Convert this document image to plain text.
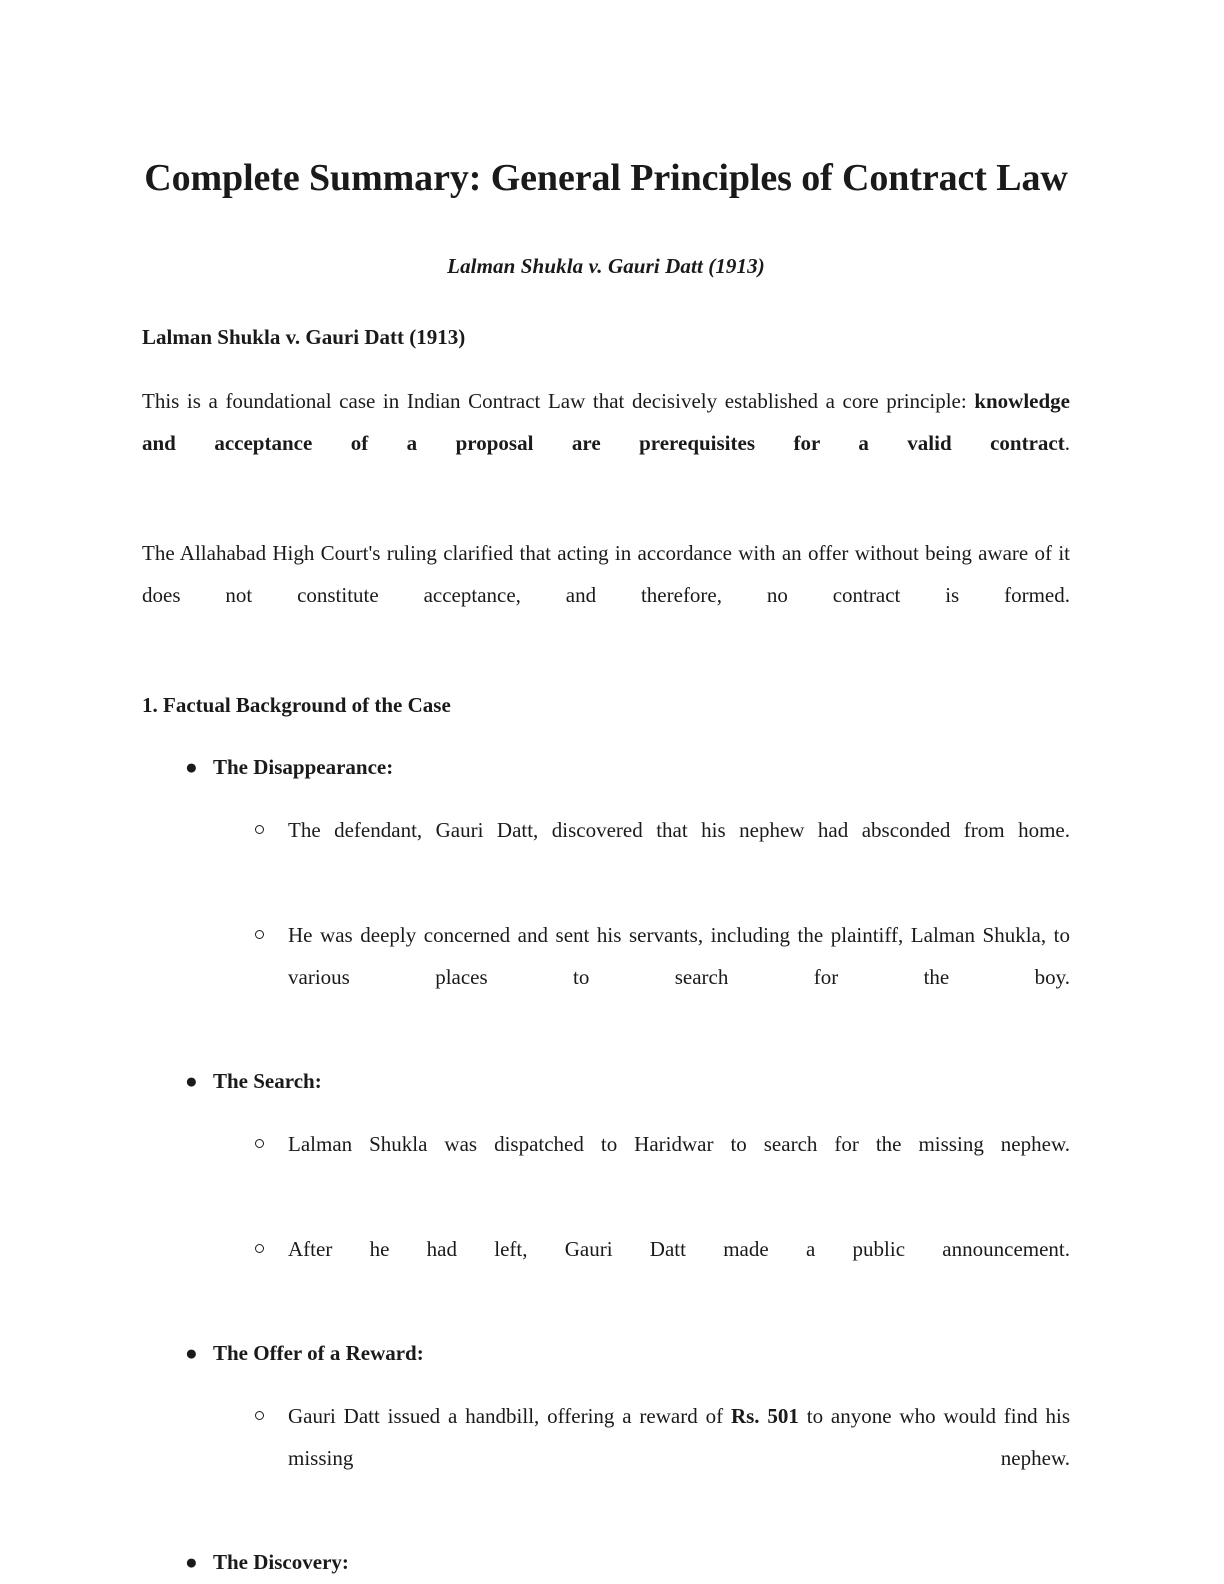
Complete Summary: General Principles of Contract Law

Lalman Shukla v. Gauri Datt (1913)

Lalman Shukla v. Gauri Datt (1913)

This is a foundational case in Indian Contract Law that decisively established a core principle: knowledge and acceptance of a proposal are prerequisites for a valid contract.

The Allahabad High Court's ruling clarified that acting in accordance with an offer without being aware of it does not constitute acceptance, and therefore, no contract is formed.

1. Factual Background of the Case

● The Disappearance:
The defendant, Gauri Datt, discovered that his nephew had absconded from home.
He was deeply concerned and sent his servants, including the plaintiff, Lalman Shukla, to various places to search for the boy.
● The Search:
Lalman Shukla was dispatched to Haridwar to search for the missing nephew.
After he had left, Gauri Datt made a public announcement.
● The Offer of a Reward:
Gauri Datt issued a handbill, offering a reward of Rs. 501 to anyone who would find his missing nephew.
● The Discovery:
